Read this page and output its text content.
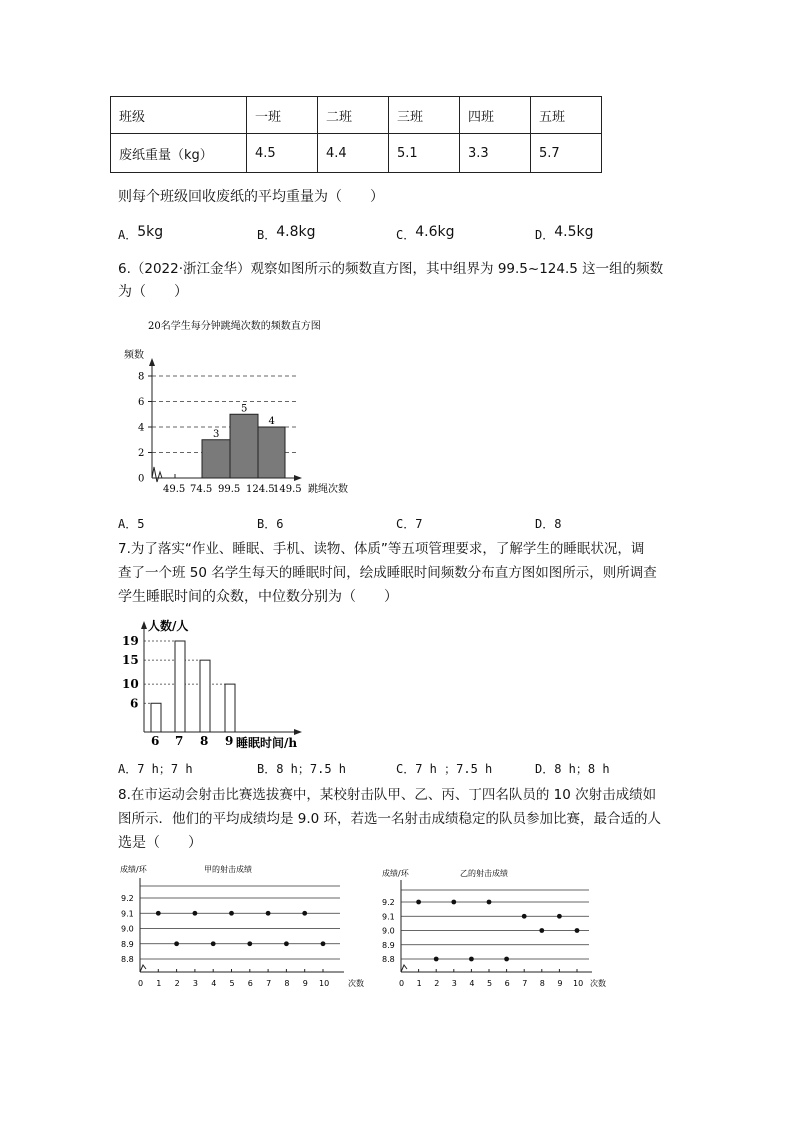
班级	一班	二班	三班	四班	五班
废纸重量（kg）	4.5	4.4	5.1	3.3	5.7
则每个班级回收废纸的平均重量为（　　）
A．5kg	B．4.8kg	C．4.6kg	D．4.5kg
6.（2022·浙江金华）观察如图所示的频数直方图，其中组界为 99.5~124.5 这一组的频数
为（　　）
20名学生每分钟跳绳次数的频数直方图
频数
0
2
4
6
8
3
5
4
49.5 74.5 99.5 124.5
149.5 跳绳次数
A．5	B．6	C．7	D．8
7.为了落实“作业、睡眠、手机、读物、体质”等五项管理要求，了解学生的睡眠状况，调
查了一个班 50 名学生每天的睡眠时间，绘成睡眠时间频数分布直方图如图所示，则所调查
学生睡眠时间的众数，中位数分别为（　　）
人数/人
6
10
15
19
6 7 8 9 睡眠时间/h
A．7 h；7 h	B．8 h；7.5 h	C．7 h ；7.5 h	D．8 h；8 h
8.在市运动会射击比赛选拔赛中，某校射击队甲、乙、丙、丁四名队员的 10 次射击成绩如
图所示．他们的平均成绩均是 9.0 环，若选一名射击成绩稳定的队员参加比赛，最合适的人
选是（　　）
成绩/环	甲的射击成绩
8.8
8.9
9.0
9.1
9.2
0 1 2 3 4 5 6 7 8 9 10 次数
成绩/环	乙的射击成绩
8.8
8.9
9.0
9.1
9.2
0 1 2 3 4 5 6 7 8 9 10 次数
